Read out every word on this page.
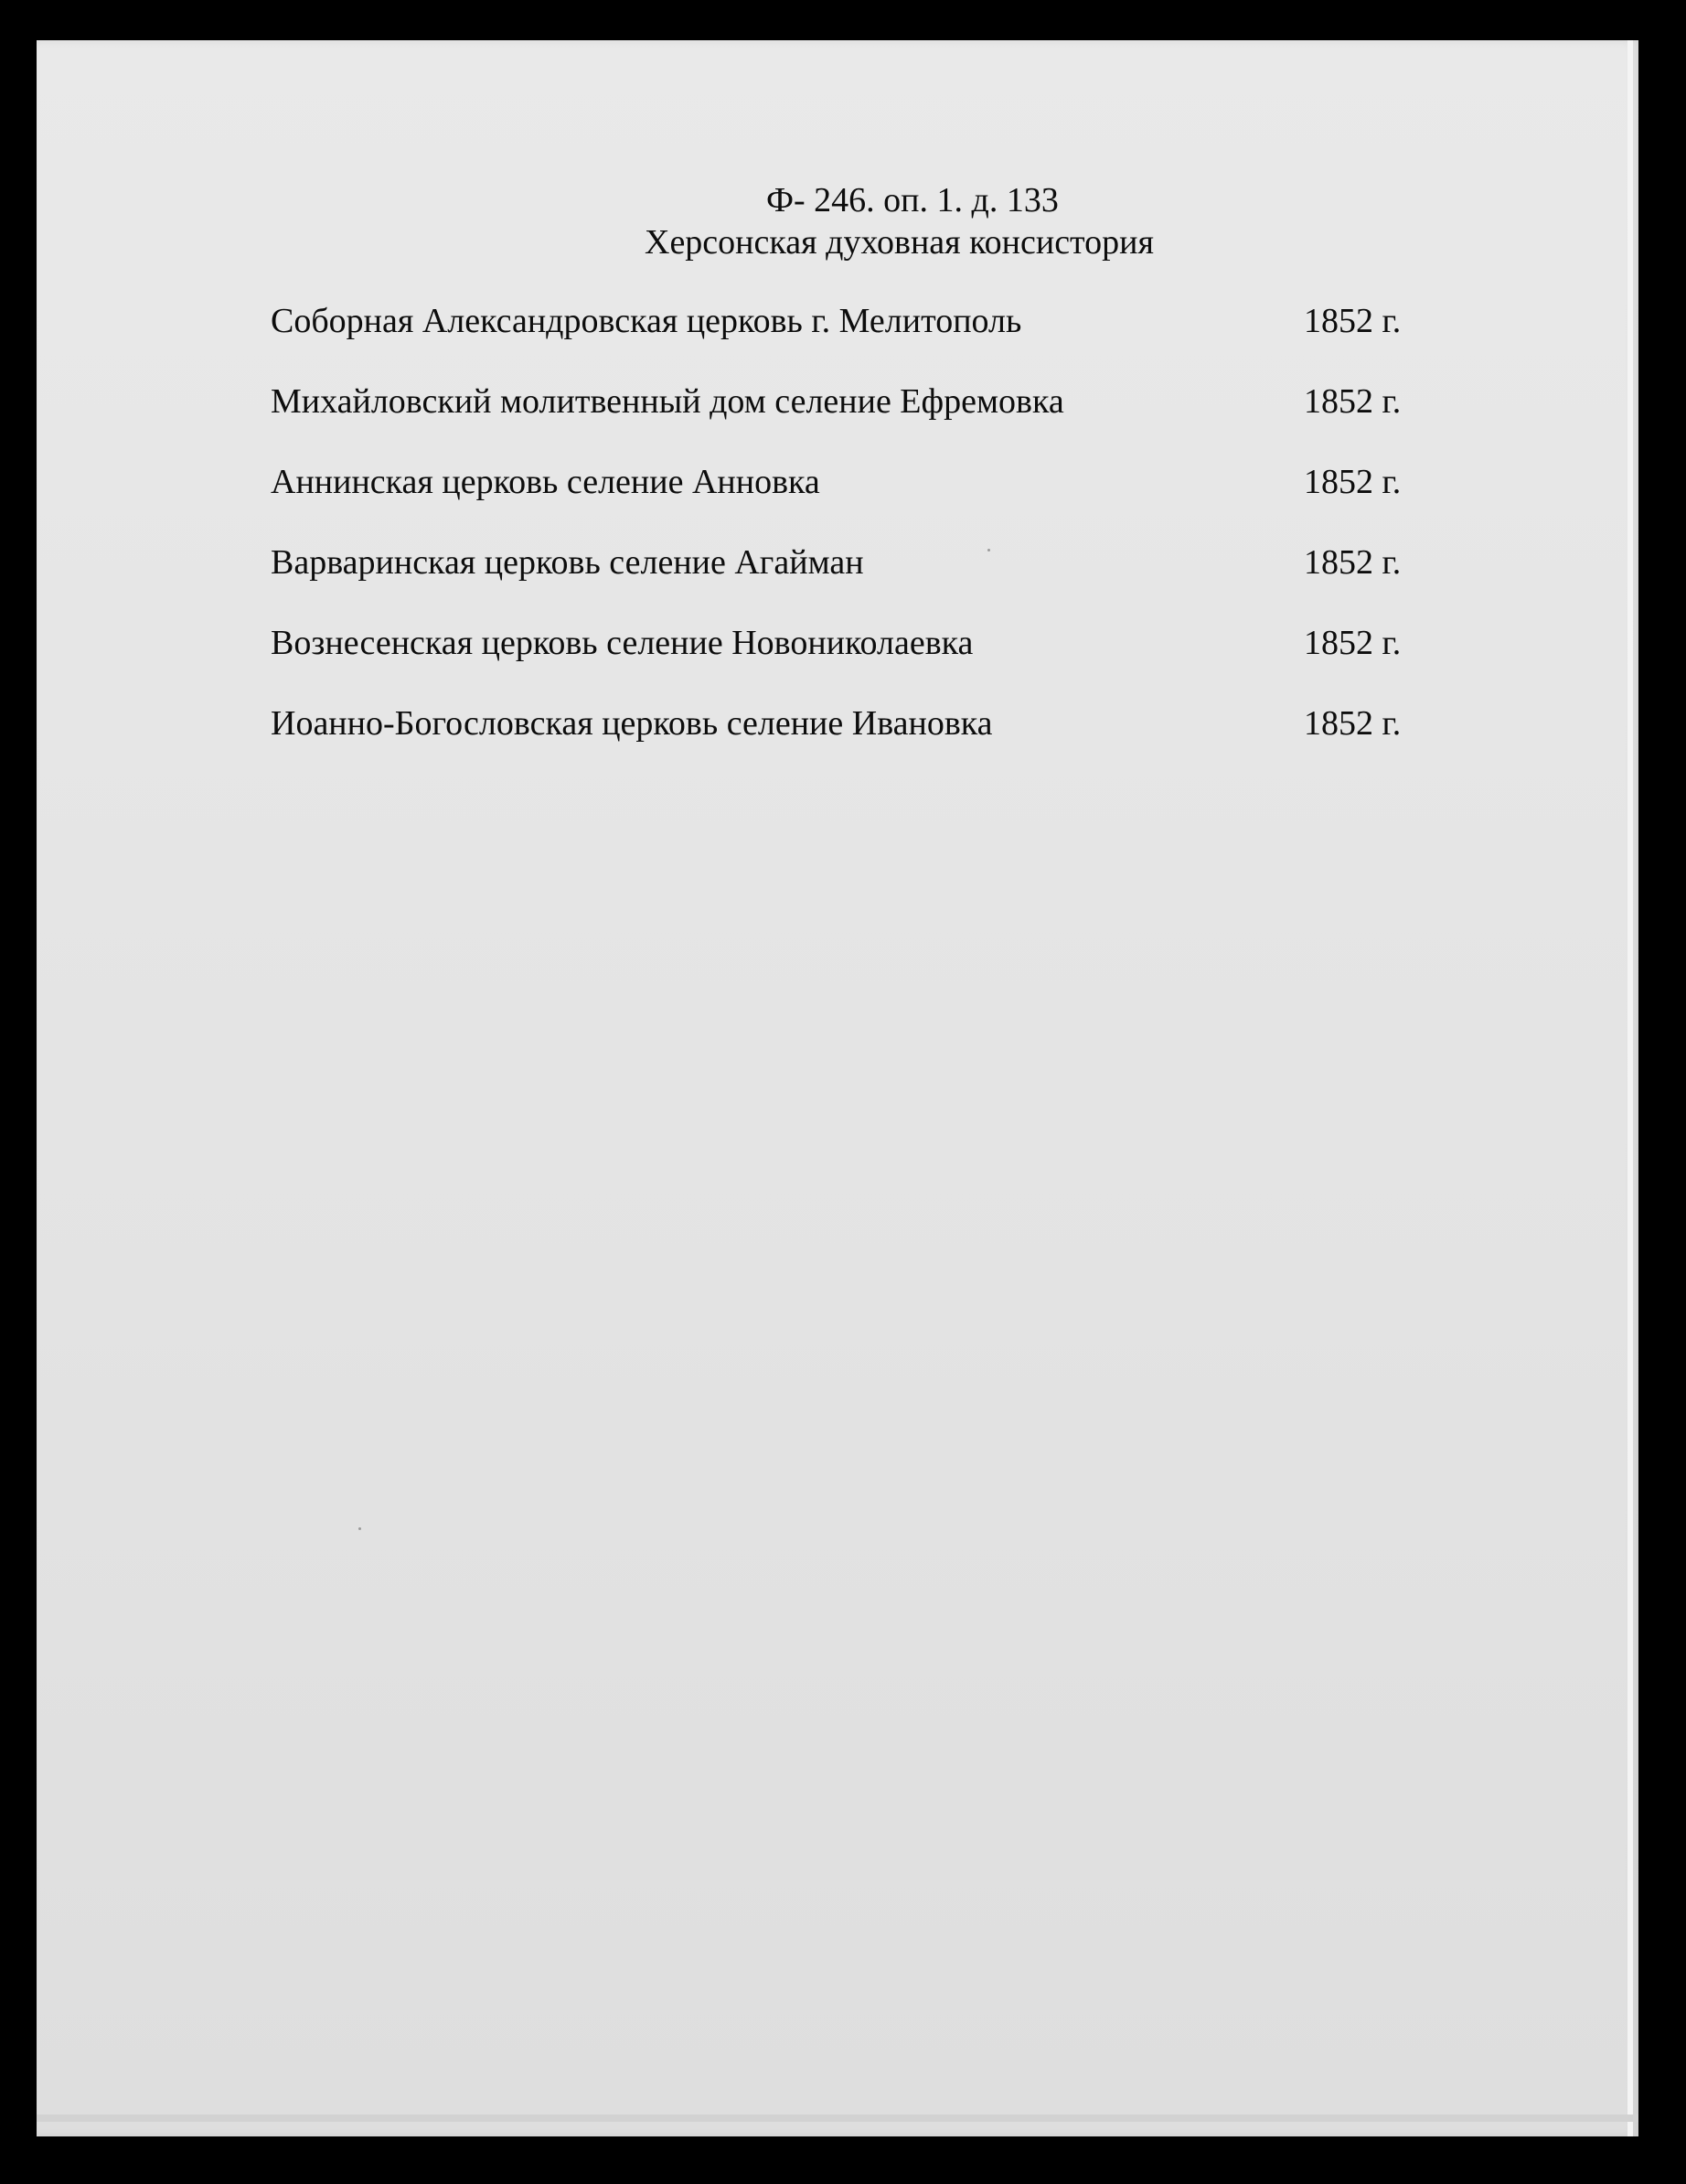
Ф- 246. оп. 1. д. 133
Херсонская духовная консистория
Соборная Александровская церковь г. Мелитополь	1852 г.
Михайловский молитвенный дом селение Ефремовка	1852 г.
Аннинская церковь селение Анновка	1852 г.
Варваринская церковь селение Агайман	1852 г.
Вознесенская церковь селение Новониколаевка	1852 г.
Иоанно-Богословская церковь селение Ивановка	1852 г.
